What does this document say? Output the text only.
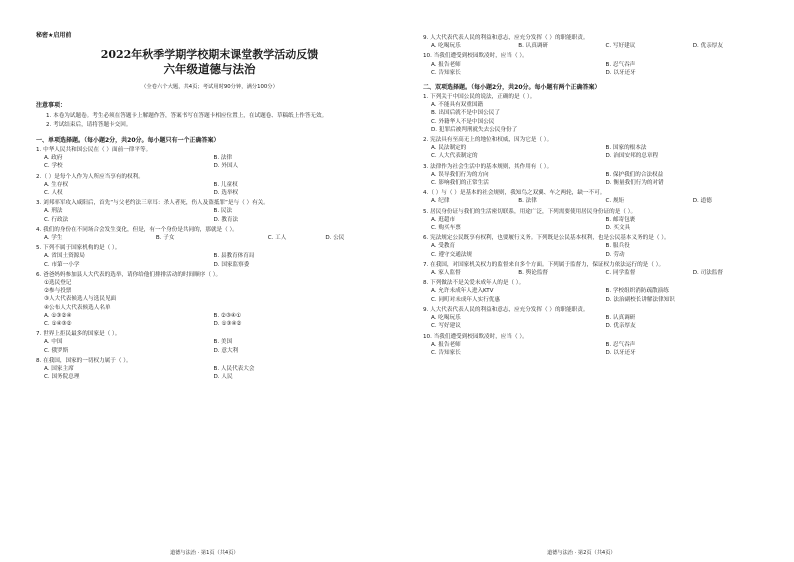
秘密★启用前
2022年秋季学期学校期末课堂教学活动反馈
六年级道德与法治
（全卷六个大题，共4页；考试用时90分钟，满分100分）
注意事项：
1. 本卷为试题卷。考生必须在答题卡上解题作答，答案书写在答题卡相应位置上，在试题卷、草稿纸上作答无效。
2. 考试结束后，请将答题卡交回。
一、单项选择题。（每小题2分，共20分。每小题只有一个正确答案）
1. 中华人民共和国公民在（ ）面前一律平等。
A. 政府	B. 法律
C. 学校	D. 外国人
2.（ ）是每个人作为人所应当享有的权利。
A. 生存权	B. 儿童权
C. 人权	D. 选举权
3. 刘邦率军攻入咸阳后，首先“与父老约法三章耳：杀人者死，伤人及盗抵罪”是与（ ）有关。
A. 刑法	B. 民法
C. 行政法	D. 教育法
4. 我们的身份在不同场合会发生变化，但是，有一个身份是共同的，那就是（ ）。
A. 学生	B. 子女	C. 工人	D. 公民
5. 下列不属于国家机构的是（ ）。
A. 省国土资源局	B. 县教育体育局
C. 市第一小学	D. 国家监察委
6. 爸爸妈妈参加县人大代表的选举，请你给他们排排活动的时间顺序（ ）。
①选民登记
②参与投票
③人大代表候选人与选民见面
④公布人大代表候选人名单
A. ①③②④	B. ②③④①
C. ①④③②	D. ①③④②
7. 世界上拒民最多的国家是（ ）。
A. 中国	B. 美国
C. 俄罗斯	D. 意大利
8. 在我国，国家的一切权力属于（ ）。
A. 国家主席	B. 人民代表大会
C. 国务院总理	D. 人民
道德与法治 · 第1页（共4页）
9. 人大代表代表人民的利益和意志，应充分发挥（ ）的职能职责。
A. 吃喝玩乐	B. 认真调研	C. 写好建议	D. 优亲厚友
10. 当我们遭受到校园欺凌时，应当（ ）。
A. 报告老师	B. 忍气吞声
C. 告知家长	D. 以牙还牙
二、双项选择题。（每小题2分，共20分。每小题有两个正确答案）
1. 下列关于中国公民的说法，正确的是（ ）。
A. 不能具有双重国籍
B. 出国后就不是中国公民了
C. 外籍华人不是中国公民
D. 犯罪后被判刑就失去公民身份了
2. 宪法具有至高无上的地位和权威，因为它是（ ）。
A. 民法制定的	B. 国家的根本法
C. 人大代表制定的	D. 治国安邦的总章程
3. 法律作为社会生活中的基本规则，其作用有（ ）。
A. 误导我们行为的方向	B. 保护我们的合法权益
C. 影响我们的正常生活	D. 衡量我们行为的对错
4.（ ）与（ ）是基本的社会规则，我知鸟之双翼、车之两轮，缺一不可。
A. 纪律	B. 法律	C. 规矩	D. 道德
5. 居民身份证与我们的生活密切联系，用途广泛，下列需要使用居民身份证的是（ ）。
A. 逛超市	B. 邮寄包裹
C. 购买车票	D. 买文具
6. 宪法规定公民既享有权利，也要履行义务。下列既是公民基本权利，也是公民基本义务的是（ ）。
A. 受教育	B. 服兵役
C. 遵守交通法规	D. 劳动
7. 在我国，对国家机关权力的监督来自多个方面。下列属于监督力，保证权力依法运行的是（ ）。
A. 家人监督	B. 舆论监督	C. 同学监督	D. 司法监督
8. 下列做法不是关爱未成年人的是（ ）。
A. 允许未成年人进入KTV	B. 学校组织消防疏散演练
C. 同町对未成年人实行优惠	D. 法治副校长讲解法律知识
9. 人大代表代表人民的利益和意志，应充分发挥（ ）的职能职责。
A. 吃喝玩乐	B. 认真调研
C. 写好建议	D. 优亲厚友
10. 当我们遭受到校园欺凌时，应当（ ）。
A. 报告老师	B. 忍气吞声
C. 告知家长	D. 以牙还牙
道德与法治 · 第2页（共4页）
